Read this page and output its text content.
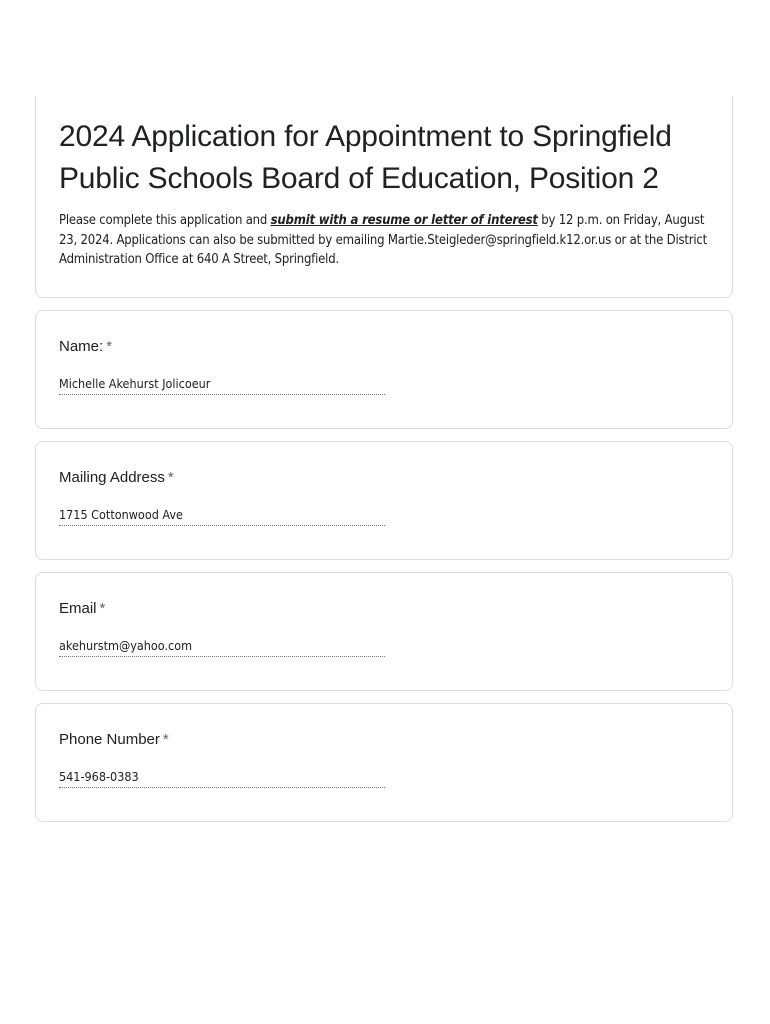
2024 Application for Appointment to Springfield Public Schools Board of Education, Position 2

Please complete this application and submit with a resume or letter of interest by 12 p.m. on Friday, August 23, 2024. Applications can also be submitted by emailing Martie.Steigleder@springfield.k12.or.us or at the District Administration Office at 640 A Street, Springfield.

Name: *
Michelle Akehurst Jolicoeur
Mailing Address *
1715 Cottonwood Ave
Email *
akehurstm@yahoo.com
Phone Number *
541-968-0383
